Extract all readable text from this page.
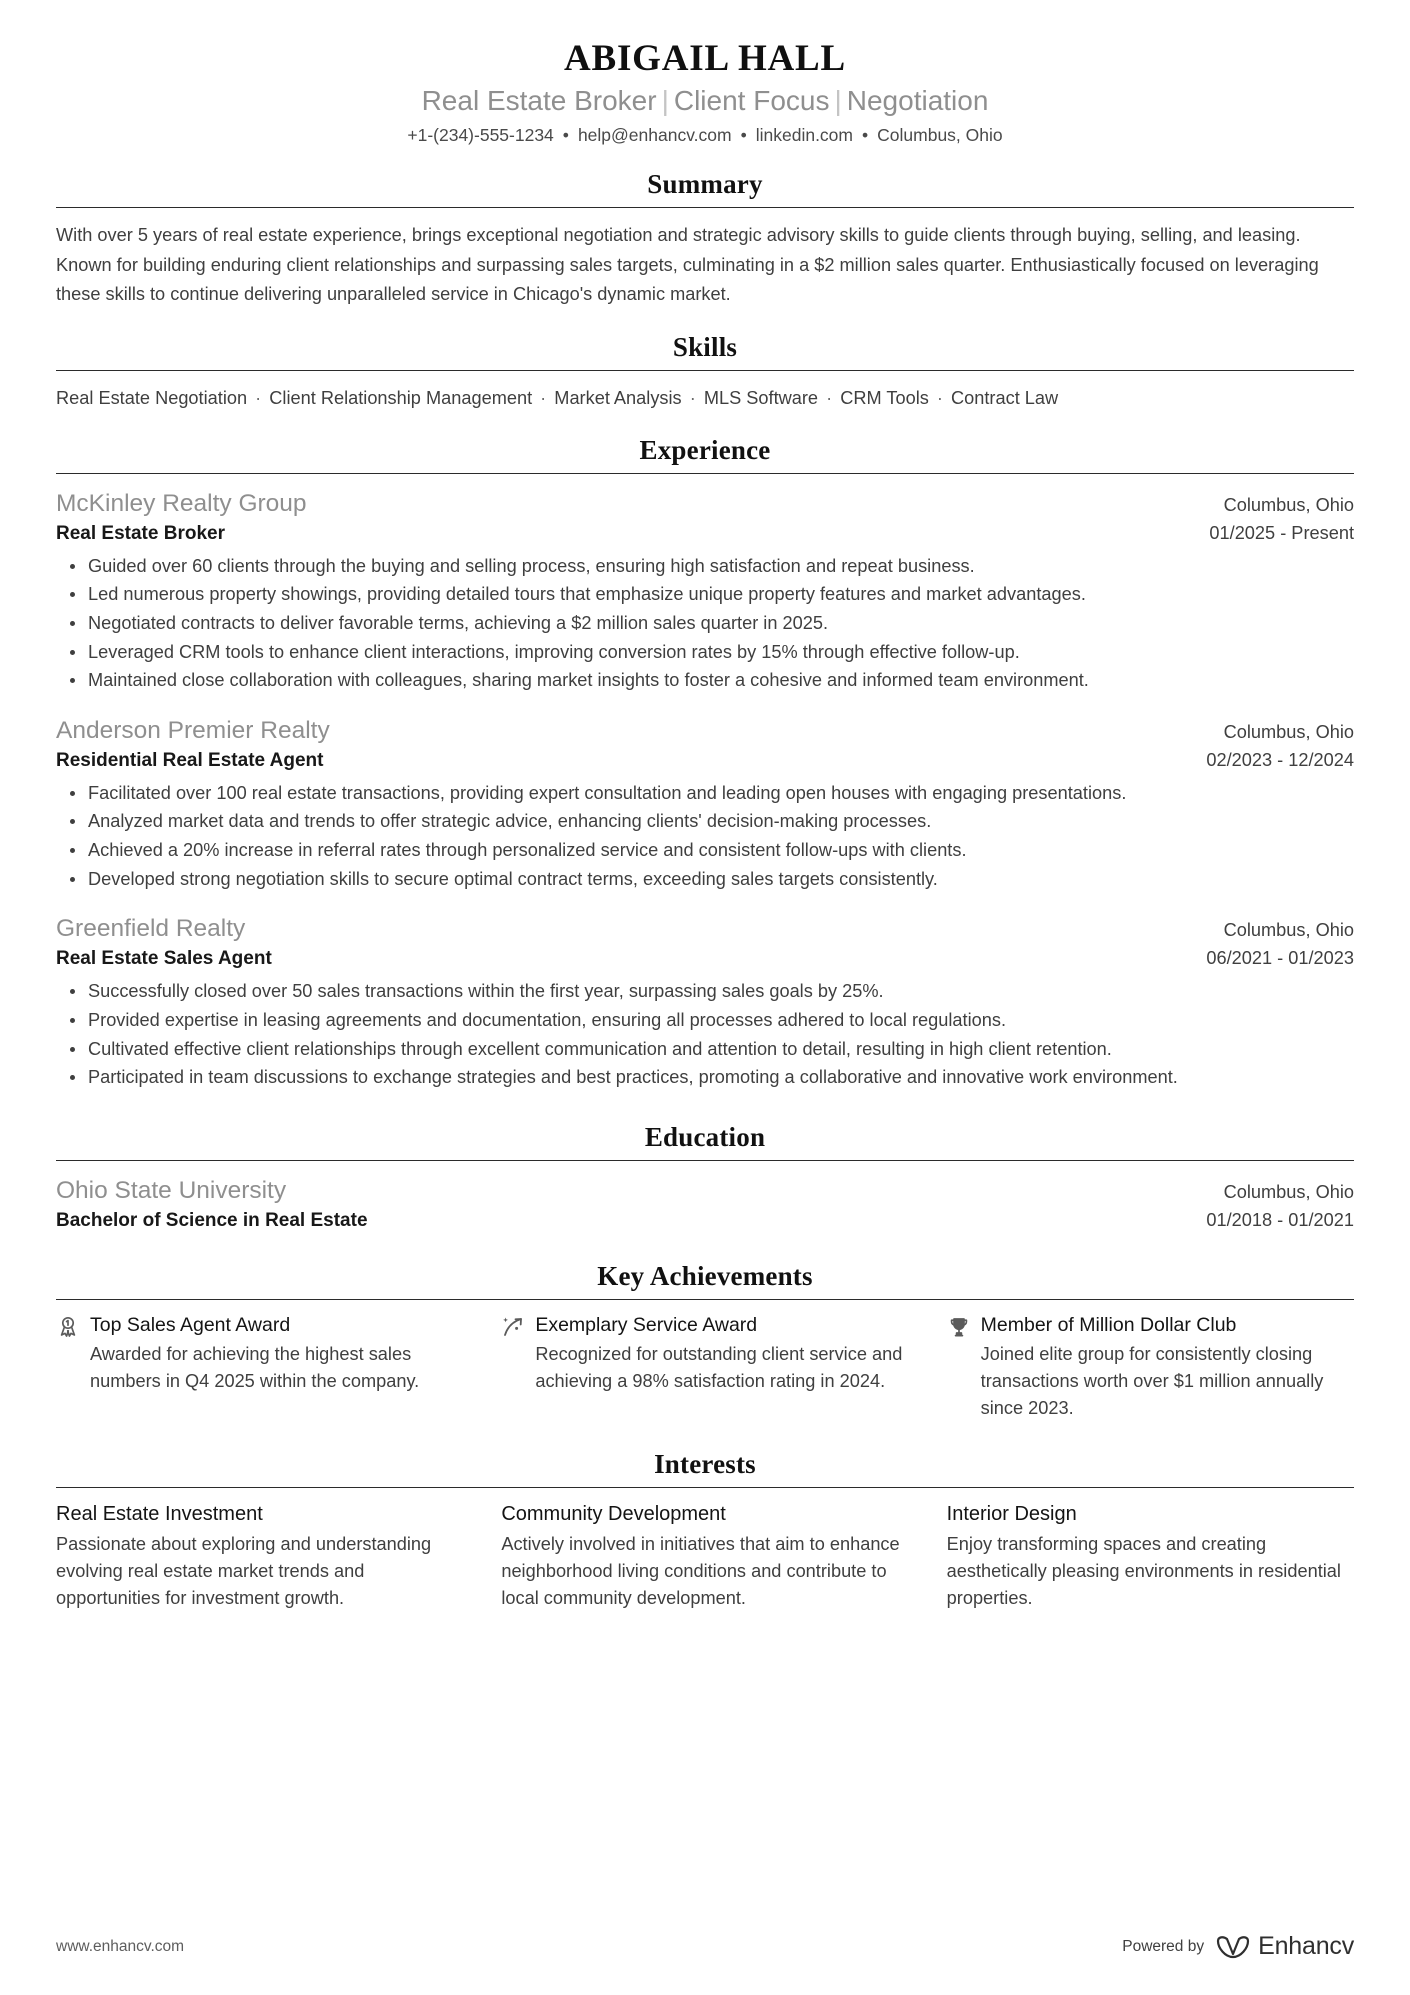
ABIGAIL HALL
Real Estate Broker | Client Focus | Negotiation
+1-(234)-555-1234 • help@enhancv.com • linkedin.com • Columbus, Ohio
Summary
With over 5 years of real estate experience, brings exceptional negotiation and strategic advisory skills to guide clients through buying, selling, and leasing. Known for building enduring client relationships and surpassing sales targets, culminating in a $2 million sales quarter. Enthusiastically focused on leveraging these skills to continue delivering unparalleled service in Chicago's dynamic market.
Skills
Real Estate Negotiation · Client Relationship Management · Market Analysis · MLS Software · CRM Tools · Contract Law
Experience
McKinley Realty Group	Columbus, Ohio
Real Estate Broker	01/2025 - Present
Guided over 60 clients through the buying and selling process, ensuring high satisfaction and repeat business.
Led numerous property showings, providing detailed tours that emphasize unique property features and market advantages.
Negotiated contracts to deliver favorable terms, achieving a $2 million sales quarter in 2025.
Leveraged CRM tools to enhance client interactions, improving conversion rates by 15% through effective follow-up.
Maintained close collaboration with colleagues, sharing market insights to foster a cohesive and informed team environment.
Anderson Premier Realty	Columbus, Ohio
Residential Real Estate Agent	02/2023 - 12/2024
Facilitated over 100 real estate transactions, providing expert consultation and leading open houses with engaging presentations.
Analyzed market data and trends to offer strategic advice, enhancing clients' decision-making processes.
Achieved a 20% increase in referral rates through personalized service and consistent follow-ups with clients.
Developed strong negotiation skills to secure optimal contract terms, exceeding sales targets consistently.
Greenfield Realty	Columbus, Ohio
Real Estate Sales Agent	06/2021 - 01/2023
Successfully closed over 50 sales transactions within the first year, surpassing sales goals by 25%.
Provided expertise in leasing agreements and documentation, ensuring all processes adhered to local regulations.
Cultivated effective client relationships through excellent communication and attention to detail, resulting in high client retention.
Participated in team discussions to exchange strategies and best practices, promoting a collaborative and innovative work environment.
Education
Ohio State University	Columbus, Ohio
Bachelor of Science in Real Estate	01/2018 - 01/2021
Key Achievements
Top Sales Agent Award
Awarded for achieving the highest sales numbers in Q4 2025 within the company.
Exemplary Service Award
Recognized for outstanding client service and achieving a 98% satisfaction rating in 2024.
Member of Million Dollar Club
Joined elite group for consistently closing transactions worth over $1 million annually since 2023.
Interests
Real Estate Investment
Passionate about exploring and understanding evolving real estate market trends and opportunities for investment growth.
Community Development
Actively involved in initiatives that aim to enhance neighborhood living conditions and contribute to local community development.
Interior Design
Enjoy transforming spaces and creating aesthetically pleasing environments in residential properties.
www.enhancv.com	Powered by Enhancv
